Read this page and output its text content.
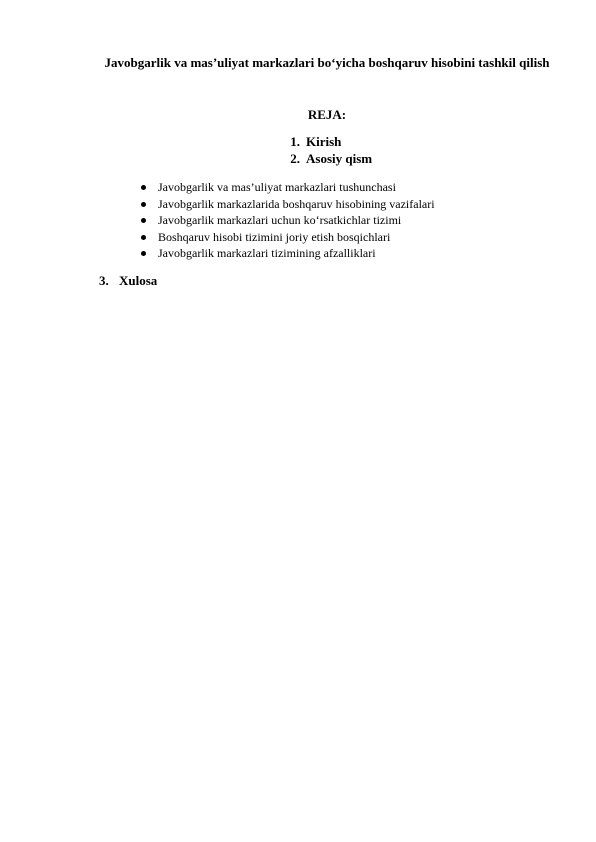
Javobgarlik va mas’uliyat markazlari bo‘yicha boshqaruv hisobini tashkil qilish

REJA:

1. Kirish
2. Asosiy qism
Javobgarlik va mas’uliyat markazlari tushunchasi
Javobgarlik markazlarida boshqaruv hisobining vazifalari
Javobgarlik markazlari uchun ko‘rsatkichlar tizimi
Boshqaruv hisobi tizimini joriy etish bosqichlari
Javobgarlik markazlari tizimining afzalliklari

3. Xulosa
